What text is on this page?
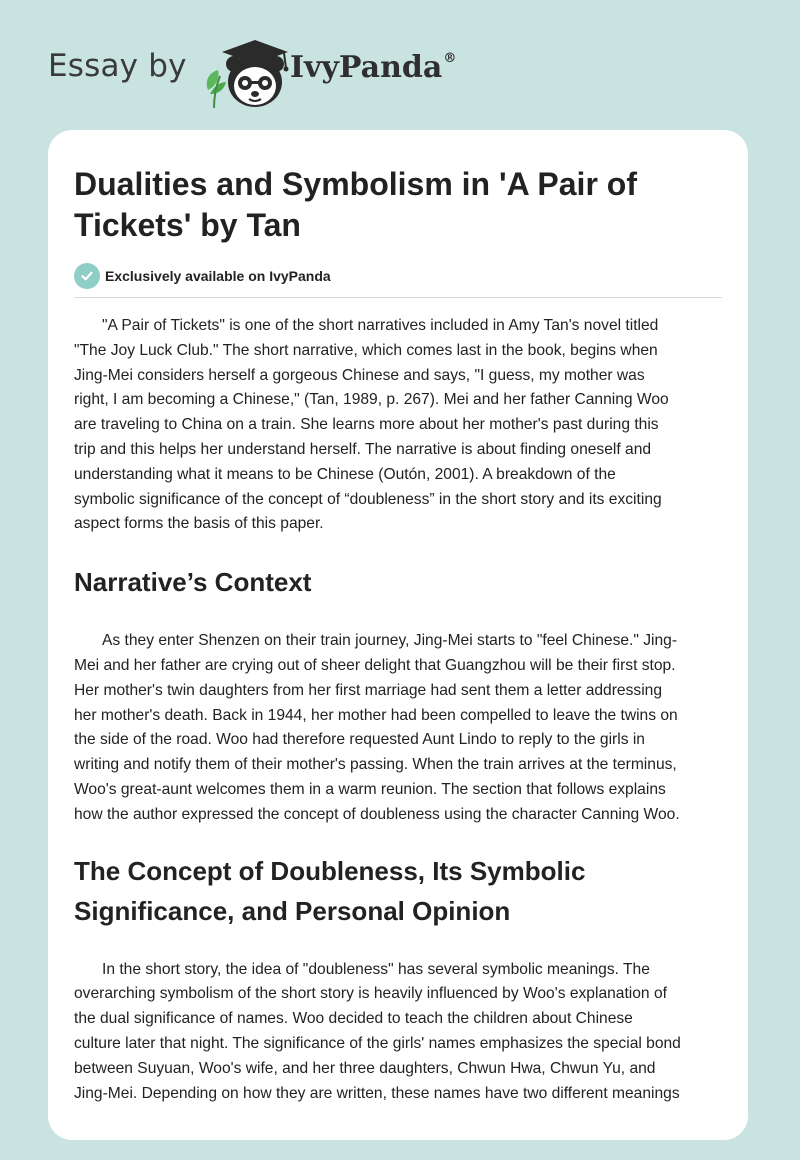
Essay by	IvyPanda®
Dualities and Symbolism in 'A Pair of Tickets' by Tan
Exclusively available on IvyPanda

"A Pair of Tickets" is one of the short narratives included in Amy Tan's novel titled
"The Joy Luck Club." The short narrative, which comes last in the book, begins when
Jing-Mei considers herself a gorgeous Chinese and says, "I guess, my mother was
right, I am becoming a Chinese," (Tan, 1989, p. 267). Mei and her father Canning Woo
are traveling to China on a train. She learns more about her mother's past during this
trip and this helps her understand herself. The narrative is about finding oneself and
understanding what it means to be Chinese (Outón, 2001). A breakdown of the
symbolic significance of the concept of “doubleness” in the short story and its exciting
aspect forms the basis of this paper.

Narrative’s Context

As they enter Shenzen on their train journey, Jing-Mei starts to "feel Chinese." Jing-
Mei and her father are crying out of sheer delight that Guangzhou will be their first stop.
Her mother's twin daughters from her first marriage had sent them a letter addressing
her mother's death. Back in 1944, her mother had been compelled to leave the twins on
the side of the road. Woo had therefore requested Aunt Lindo to reply to the girls in
writing and notify them of their mother's passing. When the train arrives at the terminus,
Woo's great-aunt welcomes them in a warm reunion. The section that follows explains
how the author expressed the concept of doubleness using the character Canning Woo.

The Concept of Doubleness, Its Symbolic Significance, and Personal Opinion

In the short story, the idea of "doubleness" has several symbolic meanings. The
overarching symbolism of the short story is heavily influenced by Woo's explanation of
the dual significance of names. Woo decided to teach the children about Chinese
culture later that night. The significance of the girls' names emphasizes the special bond
between Suyuan, Woo's wife, and her three daughters, Chwun Hwa, Chwun Yu, and
Jing-Mei. Depending on how they are written, these names have two different meanings
